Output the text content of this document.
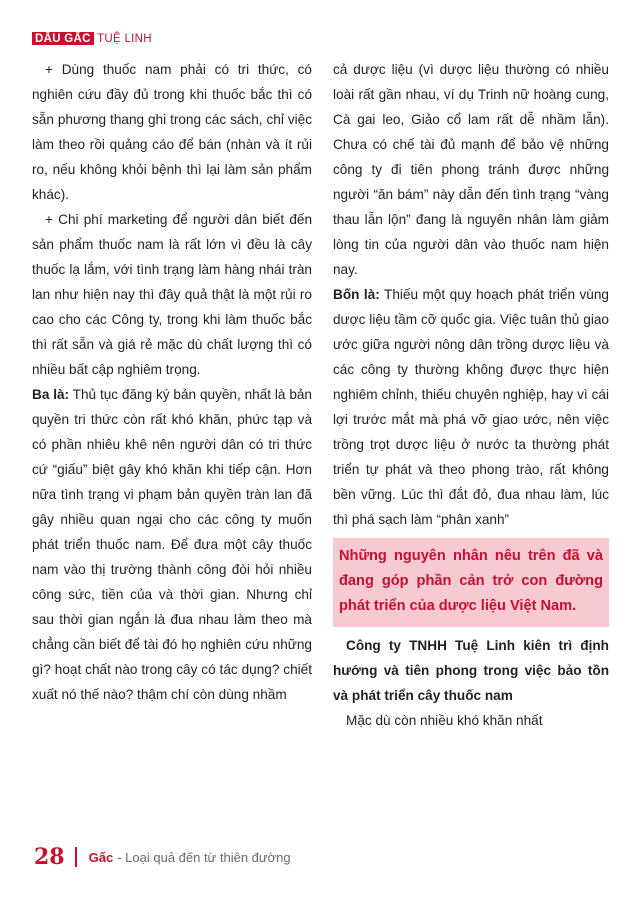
DẦU GẤC TUỆ LINH

+ Dùng thuốc nam phải có tri thức, có nghiên cứu đầy đủ trong khi thuốc bắc thì có sẵn phương thang ghi trong các sách, chỉ việc làm theo rồi quảng cáo để bán (nhàn và ít rủi ro, nếu không khỏi bệnh thì lại làm sản phẩm khác).

+ Chi phí marketing để người dân biết đến sản phẩm thuốc nam là rất lớn vì đều là cây thuốc lạ lắm, với tình trạng làm hàng nhái tràn lan như hiện nay thì đây quả thật là một rủi ro cao cho các Công ty, trong khi làm thuốc bắc thì rất sẵn và giá rẻ mặc dù chất lượng thì có nhiều bất cập nghiêm trọng.

Ba là: Thủ tục đăng ký bản quyền, nhất là bản quyền tri thức còn rất khó khăn, phức tạp và có phần nhiêu khê nên người dân có tri thức cứ “giấu” biệt gây khó khăn khi tiếp cận. Hơn nữa tình trạng vi phạm bản quyền tràn lan đã gây nhiều quan ngại cho các công ty muốn phát triển thuốc nam. Để đưa một cây thuốc nam vào thị trường thành công đòi hỏi nhiều công sức, tiền của và thời gian. Nhưng chỉ sau thời gian ngắn là đua nhau làm theo mà chẳng cần biết để tài đó họ nghiên cứu những gì? hoạt chất nào trong cây có tác dụng? chiết xuất nó thế nào? thậm chí còn dùng nhầm

cả dược liệu (vì dược liệu thường có nhiều loài rất gần nhau, ví dụ Trinh nữ hoàng cung, Cà gai leo, Giảo cổ lam rất dễ nhầm lẫn). Chưa có chế tài đủ mạnh để bảo vệ những công ty đi tiên phong tránh được những người “ăn bám” này dẫn đến tình trạng “vàng thau lẫn lộn” đang là nguyên nhân làm giảm lòng tin của người dân vào thuốc nam hiện nay.

Bốn là: Thiếu một quy hoạch phát triển vùng dược liệu tầm cỡ quốc gia. Việc tuân thủ giao ước giữa người nông dân trồng dược liệu và các công ty thường không được thực hiện nghiêm chỉnh, thiếu chuyên nghiệp, hay vì cái lợi trước mắt mà phá vỡ giao ước, nên việc trồng trọt dược liệu ở nước ta thường phát triển tự phát và theo phong trào, rất không bền vững. Lúc thì đắt đỏ, đua nhau làm, lúc thì phá sạch làm “phân xanh”

Những nguyên nhân nêu trên đã và đang góp phần cản trở con đường phát triển của dược liệu Việt Nam.

Công ty TNHH Tuệ Linh kiên trì định hướng và tiên phong trong việc bảo tồn và phát triển cây thuốc nam

Mặc dù còn nhiều khó khăn nhất

28 Gấc - Loại quả đến từ thiên đường
